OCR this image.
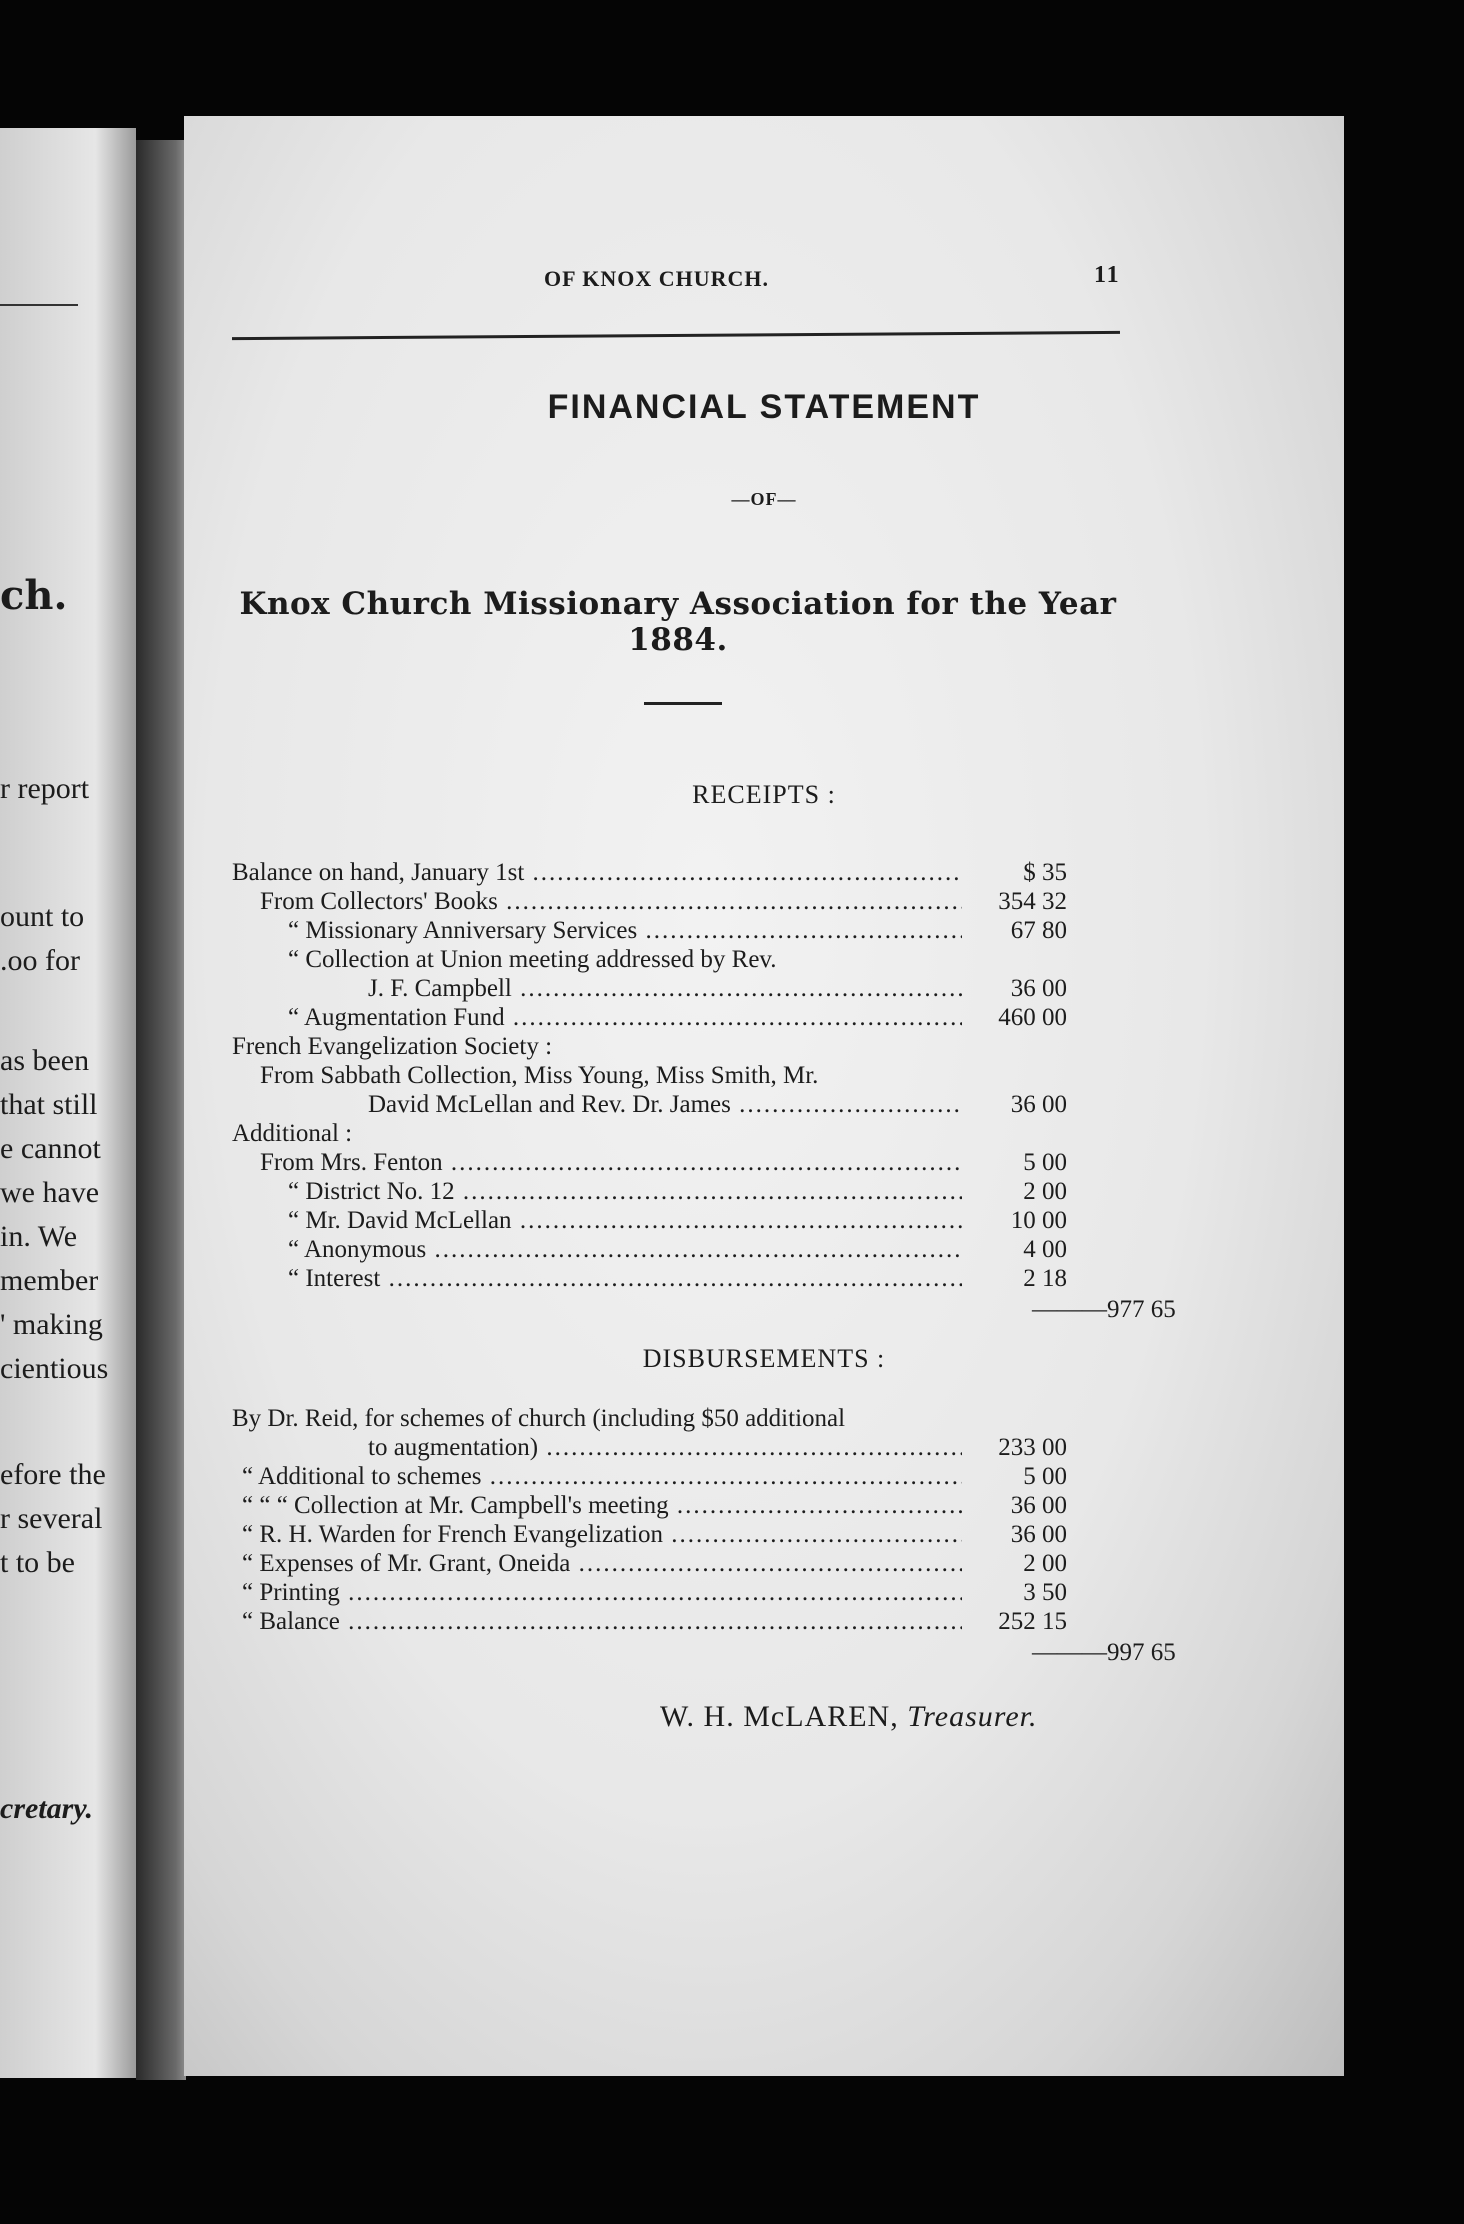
ch.
r report
ount to
.oo for
as been
that still
e cannot
we have
in. We
member
' making
cientious
efore the
r several
t to be
cretary.
OF KNOX CHURCH.	11
FINANCIAL STATEMENT
—OF—
Knox Church Missionary Association for the Year 1884.
RECEIPTS :
Balance on hand, January 1st .....	$ 35
From Collectors' Books .....	354 32
“ Missionary Anniversary Services .....	67 80
“ Collection at Union meeting addressed by Rev.
J. F. Campbell .....	36 00
“ Augmentation Fund .....	460 00
French Evangelization Society :
From Sabbath Collection, Miss Young, Miss Smith, Mr.
David McLellan and Rev. Dr. James .....	36 00
Additional :
From Mrs. Fenton .....	5 00
“ District No. 12 .....	2 00
“ Mr. David McLellan .....	10 00
“ Anonymous .....	4 00
“ Interest .....	2 18
———977 65
DISBURSEMENTS :
By Dr. Reid, for schemes of church (including $50 additional
to augmentation) .....	233 00
“ Additional to schemes .....	5 00
“ “ “ Collection at Mr. Campbell's meeting .....	36 00
“ R. H. Warden for French Evangelization .....	36 00
“ Expenses of Mr. Grant, Oneida .....	2 00
“ Printing .....	3 50
“ Balance .....	252 15
———997 65
W. H. McLAREN, Treasurer.
